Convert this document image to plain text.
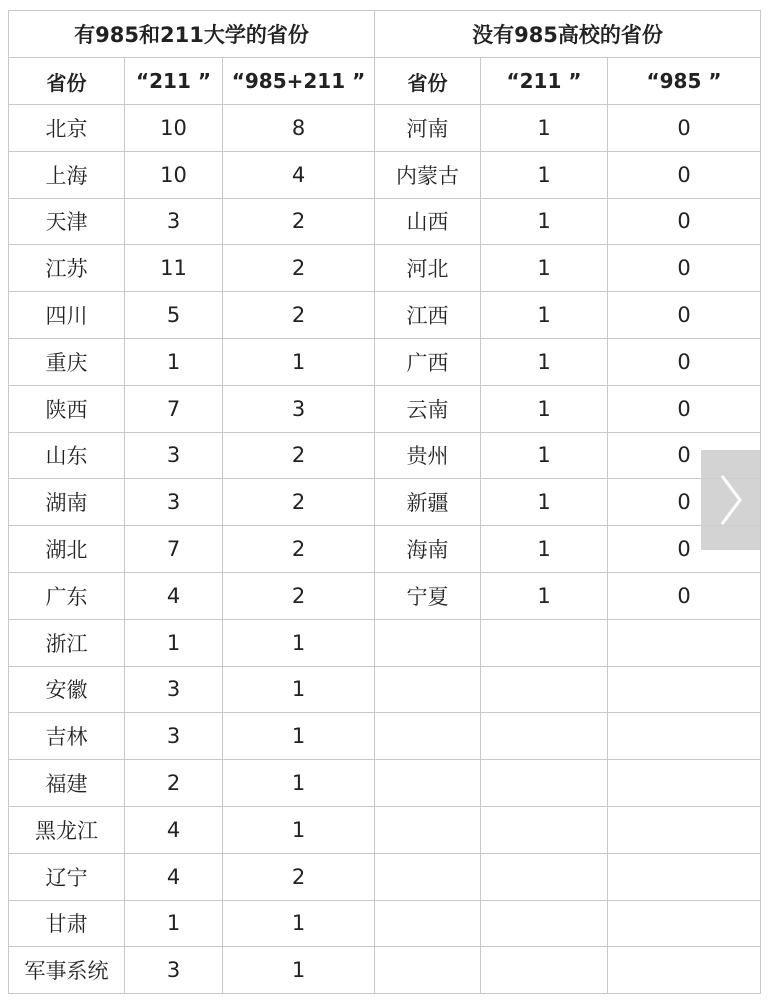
有985和211大学的省份			没有985高校的省份		
省份	“211 ”	“985+211 ”	省份	“211 ”	“985 ”
北京	10	8	河南	1	0
上海	10	4	内蒙古	1	0
天津	3	2	山西	1	0
江苏	11	2	河北	1	0
四川	5	2	江西	1	0
重庆	1	1	广西	1	0
陕西	7	3	云南	1	0
山东	3	2	贵州	1	0
湖南	3	2	新疆	1	0
湖北	7	2	海南	1	0
广东	4	2	宁夏	1	0
浙江	1	1			
安徽	3	1			
吉林	3	1			
福建	2	1			
黑龙江	4	1			
辽宁	4	2			
甘肃	1	1			
军事系统	3	1			
